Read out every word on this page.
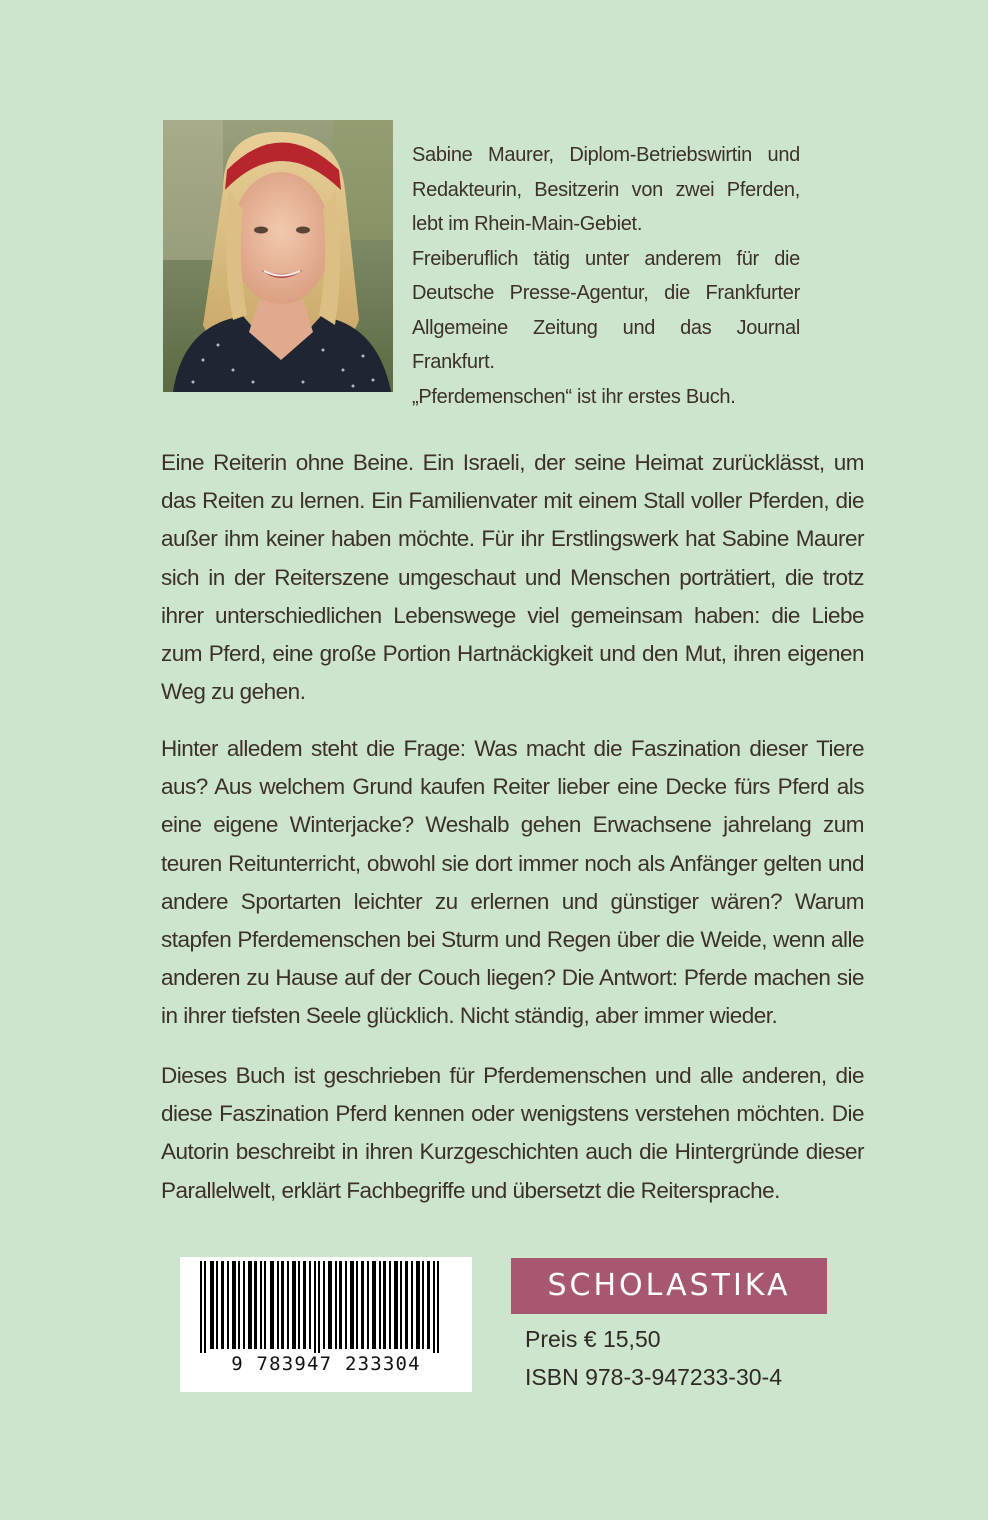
Sabine Maurer, Diplom-Betriebswirtin und Redakteurin, Besitzerin von zwei Pferden, lebt im Rhein-Main-Gebiet.

Freiberuflich tätig unter anderem für die Deutsche Presse-Agentur, die Frankfurter Allgemeine Zeitung und das Journal Frankfurt.

„Pferdemenschen“ ist ihr erstes Buch.

Eine Reiterin ohne Beine. Ein Israeli, der seine Heimat zurücklässt, um das Reiten zu lernen. Ein Familienvater mit einem Stall voller Pferden, die außer ihm keiner haben möchte. Für ihr Erstlingswerk hat Sabine Maurer sich in der Reiterszene umgeschaut und Menschen porträtiert, die trotz ihrer unterschiedlichen Lebenswege viel gemeinsam haben: die Liebe zum Pferd, eine große Portion Hartnäckigkeit und den Mut, ihren eigenen Weg zu gehen.

Hinter alledem steht die Frage: Was macht die Faszination dieser Tiere aus? Aus welchem Grund kaufen Reiter lieber eine Decke fürs Pferd als eine eigene Winterjacke? Weshalb gehen Erwachsene jahrelang zum teuren Reitunterricht, obwohl sie dort immer noch als Anfänger gelten und andere Sportarten leichter zu erlernen und günstiger wären? Warum stapfen Pferdemenschen bei Sturm und Regen über die Weide, wenn alle anderen zu Hause auf der Couch liegen? Die Antwort: Pferde machen sie in ihrer tiefsten Seele glücklich. Nicht ständig, aber immer wieder.

Dieses Buch ist geschrieben für Pferdemenschen und alle anderen, die diese Faszination Pferd kennen oder wenigstens verstehen möchten. Die Autorin beschreibt in ihren Kurzgeschichten auch die Hintergründe dieser Parallelwelt, erklärt Fachbegriffe und übersetzt die Reitersprache.

9 783947 233304
SCHOLASTIKA
Preis € 15,50
ISBN 978-3-947233-30-4
